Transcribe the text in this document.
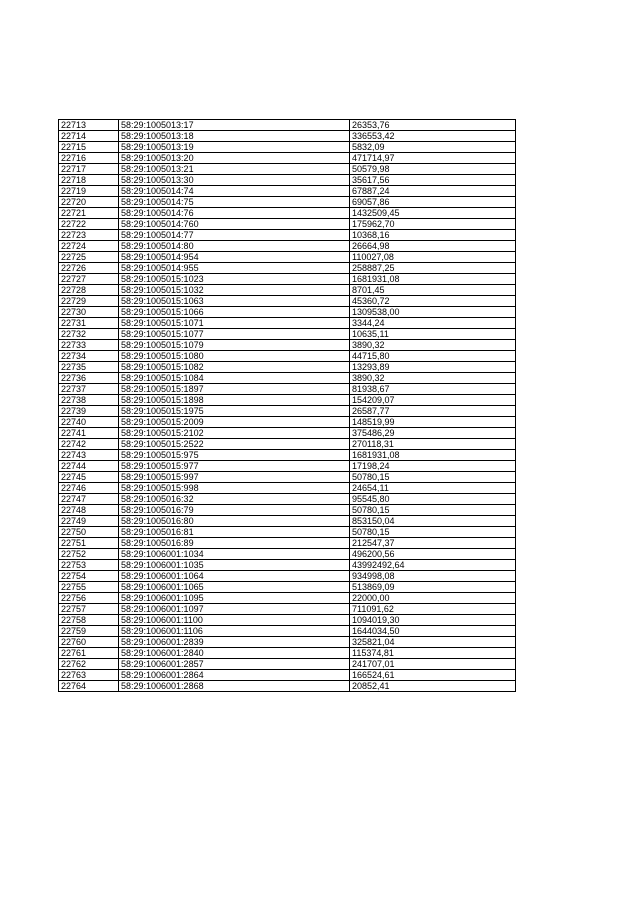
22713	58:29:1005013:17	26353,76
22714	58:29:1005013:18	336553,42
22715	58:29:1005013:19	5832,09
22716	58:29:1005013:20	471714,97
22717	58:29:1005013:21	50579,98
22718	58:29:1005013:30	35617,56
22719	58:29:1005014:74	67887,24
22720	58:29:1005014:75	69057,86
22721	58:29:1005014:76	1432509,45
22722	58:29:1005014:760	175962,70
22723	58:29:1005014:77	10368,16
22724	58:29:1005014:80	26664,98
22725	58:29:1005014:954	110027,08
22726	58:29:1005014:955	258887,25
22727	58:29:1005015:1023	1681931,08
22728	58:29:1005015:1032	8701,45
22729	58:29:1005015:1063	45360,72
22730	58:29:1005015:1066	1309538,00
22731	58:29:1005015:1071	3344,24
22732	58:29:1005015:1077	10635,11
22733	58:29:1005015:1079	3890,32
22734	58:29:1005015:1080	44715,80
22735	58:29:1005015:1082	13293,89
22736	58:29:1005015:1084	3890,32
22737	58:29:1005015:1897	81938,67
22738	58:29:1005015:1898	154209,07
22739	58:29:1005015:1975	26587,77
22740	58:29:1005015:2009	148519,99
22741	58:29:1005015:2102	375486,29
22742	58:29:1005015:2522	270118,31
22743	58:29:1005015:975	1681931,08
22744	58:29:1005015:977	17198,24
22745	58:29:1005015:997	50780,15
22746	58:29:1005015:998	24654,11
22747	58:29:1005016:32	95545,80
22748	58:29:1005016:79	50780,15
22749	58:29:1005016:80	853150,04
22750	58:29:1005016:81	50780,15
22751	58:29:1005016:89	212547,37
22752	58:29:1006001:1034	496200,56
22753	58:29:1006001:1035	43992492,64
22754	58:29:1006001:1064	934998,08
22755	58:29:1006001:1065	513869,09
22756	58:29:1006001:1095	22000,00
22757	58:29:1006001:1097	711091,62
22758	58:29:1006001:1100	1094019,30
22759	58:29:1006001:1106	1644034,50
22760	58:29:1006001:2839	325821,04
22761	58:29:1006001:2840	115374,81
22762	58:29:1006001:2857	241707,01
22763	58:29:1006001:2864	166524,61
22764	58:29:1006001:2868	20852,41
